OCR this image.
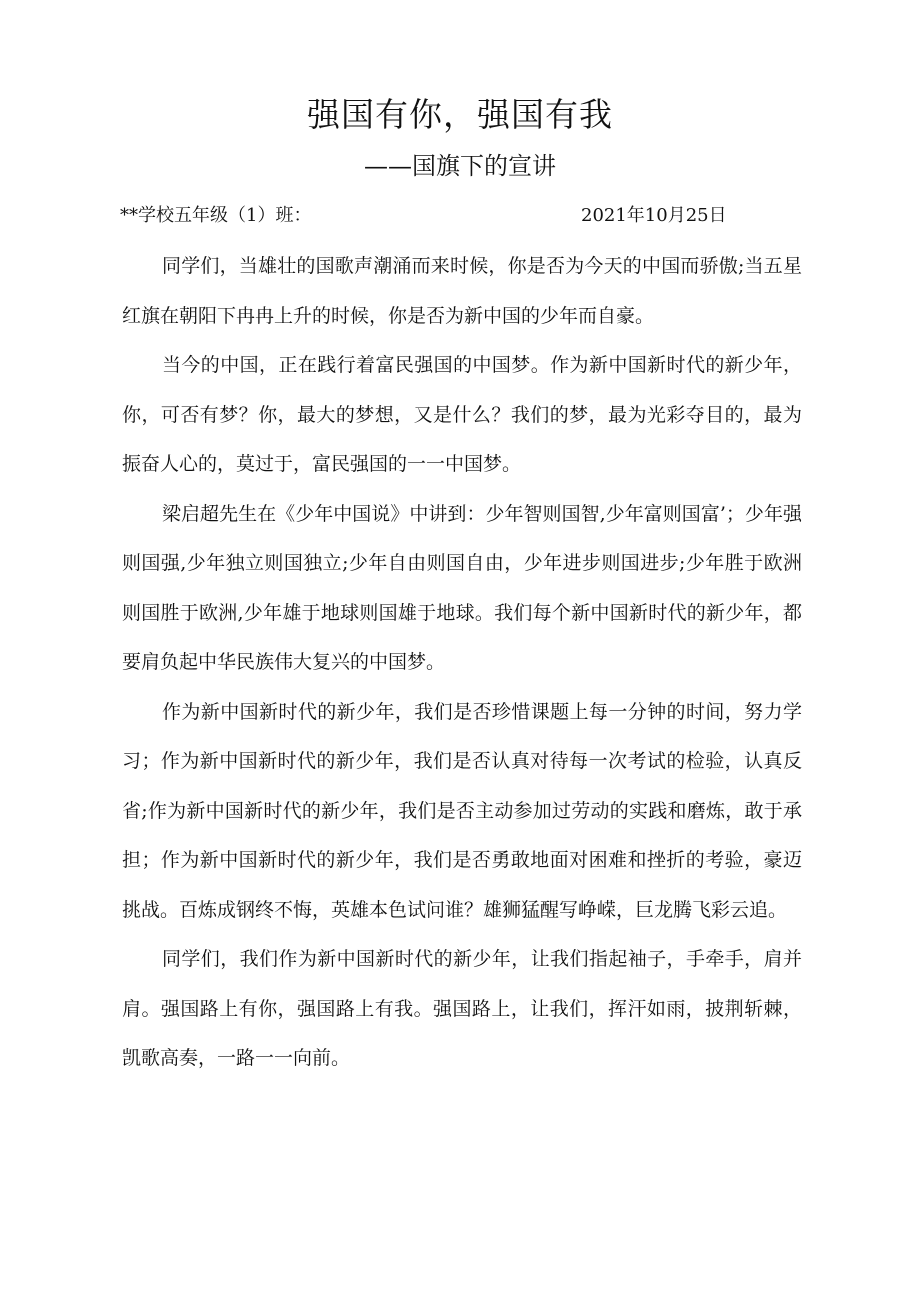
强国有你，强国有我
——国旗下的宣讲
**学校五年级（1）班：	2021年10月25日

同学们，当雄壮的国歌声潮涌而来时候，你是否为今天的中国而骄傲;当五星红旗在朝阳下冉冉上升的时候，你是否为新中国的少年而自豪。

当今的中国，正在践行着富民强国的中国梦。作为新中国新时代的新少年，你，可否有梦？你，最大的梦想，又是什么？我们的梦，最为光彩夺目的，最为振奋人心的，莫过于，富民强国的一一中国梦。

梁启超先生在《少年中国说》中讲到：少年智则国智,少年富则国富’；少年强则国强,少年独立则国独立;少年自由则国自由，少年进步则国进步;少年胜于欧洲则国胜于欧洲,少年雄于地球则国雄于地球。我们每个新中国新时代的新少年，都要肩负起中华民族伟大复兴的中国梦。

作为新中国新时代的新少年，我们是否珍惜课题上每一分钟的时间，努力学习；作为新中国新时代的新少年，我们是否认真对待每一次考试的检验，认真反省;作为新中国新时代的新少年，我们是否主动参加过劳动的实践和磨炼，敢于承担；作为新中国新时代的新少年，我们是否勇敢地面对困难和挫折的考验，豪迈挑战。百炼成钢终不悔，英雄本色试问谁？雄狮猛醒写峥嵘，巨龙腾飞彩云追。

同学们，我们作为新中国新时代的新少年，让我们指起袖子，手牵手，肩并肩。强国路上有你，强国路上有我。强国路上，让我们，挥汗如雨，披荆斩棘，凯歌高奏，一路一一向前。
